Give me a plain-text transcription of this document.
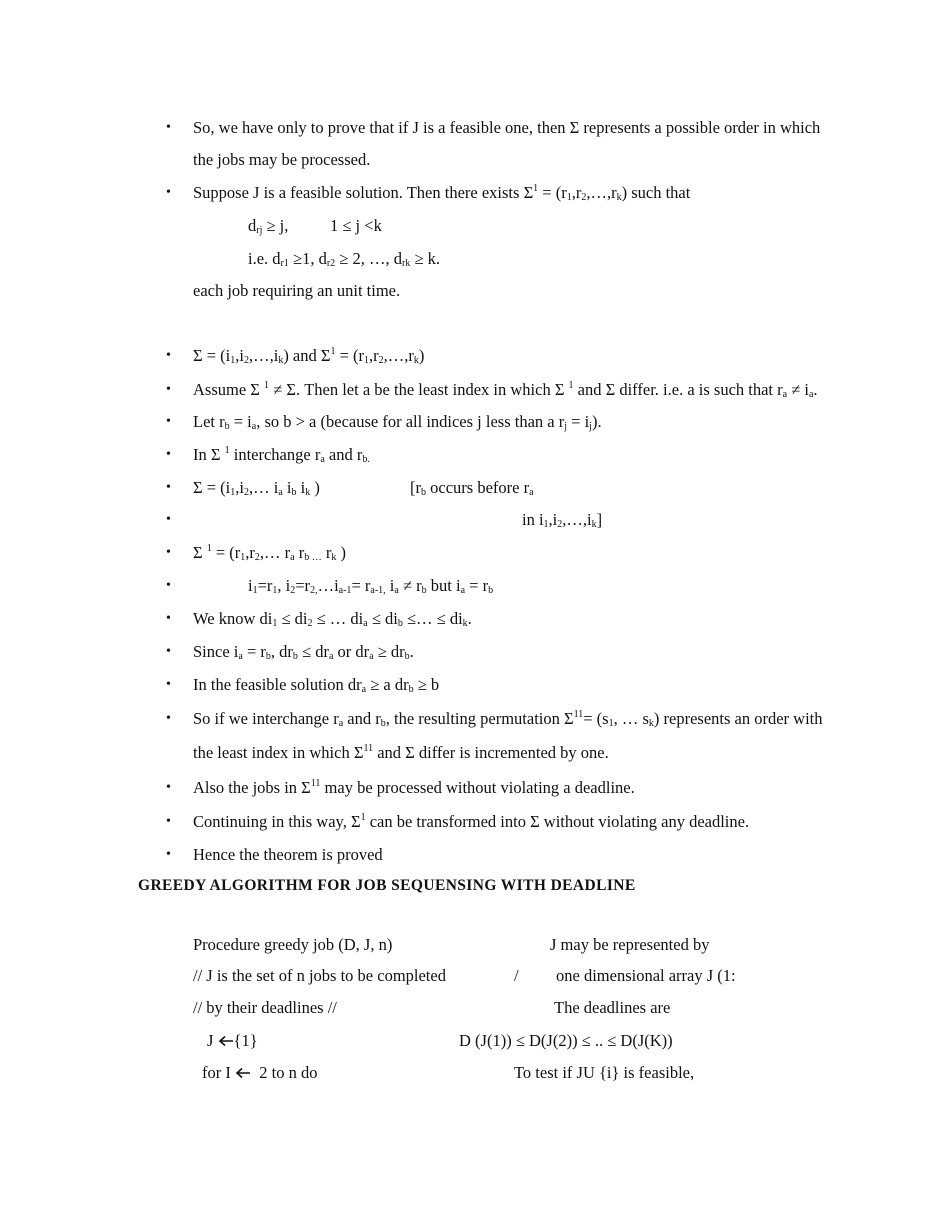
• So, we have only to prove that if J is a feasible one, then Σ represents a possible order in which
the jobs may be processed.
• Suppose J is a feasible solution. Then there exists $\Sigma^1$ = $(r_1,r_2,\dots,r_k)$ such that
$d_{rj} \ge j$,	1 ≤ j <k
i.e. $d_{r1} \ge 1$, $d_{r2} \ge 2$, …, $d_{rk} \ge k$.
each job requiring an unit time.
• $\Sigma = (i_1,i_2,\dots,i_k)$ and $\Sigma^1$ = $(r_1,r_2,\dots,r_k)$
• Assume Σ $^1$ ≠ Σ. Then let a be the least index in which Σ $^1$ and Σ differ. i.e. a is such that $r_a \ne i_a$.
• Let $r_b = i_a$, so b > a (because for all indices j less than a $r_j = i_j$).
• In Σ $^1$ interchange $r_a$ and $r_{b.}$
• $\Sigma = (i_1,i_2,\dots$ $i_a$ $i_b$ $i_k$ )	[$r_b$ occurs before $r_a$
•	in $i_1,i_2,\dots,i_k$]
• Σ $^1 = (r_1,r_2,\dots$ $r_a$ $r_{b \dots}$ $r_k$ )
•	$i_1=r_1$, $i_2=r_{2,}\dots i_{a-1}= r_{a-1,}$ $i_a \ne r_b$ but $i_a = r_b$
• We know $di_1 \le di_2$ ≤ … $di_a \le di_b$ ≤… ≤ $di_k$.
• Since $i_a = r_b$, $dr_b \le dr_a$ or $dr_a \ge dr_b$.
• In the feasible solution $dr_a \ge a$ $dr_b \ge b$
• So if we interchange $r_a$ and $r_b$, the resulting permutation $\Sigma^{11}= (s_1$, … $s_k$) represents an order with
the least index in which $\Sigma^{11}$ and Σ differ is incremented by one.
• Also the jobs in $\Sigma^{11}$ may be processed without violating a deadline.
• Continuing in this way, $\Sigma^1$ can be transformed into Σ without violating any deadline.
• Hence the theorem is proved
GREEDY ALGORITHM FOR JOB SEQUENSING WITH DEADLINE
Procedure greedy job (D, J, n)
// J is the set of n jobs to be completed
// by their deadlines //
J
{1}
for I
2 to n do
J may be represented by
/ one dimensional array J (1:
The deadlines are
D (J(1)) ≤ D(J(2)) ≤ .. ≤ D(J(K))
To test if JU {i} is feasible,
